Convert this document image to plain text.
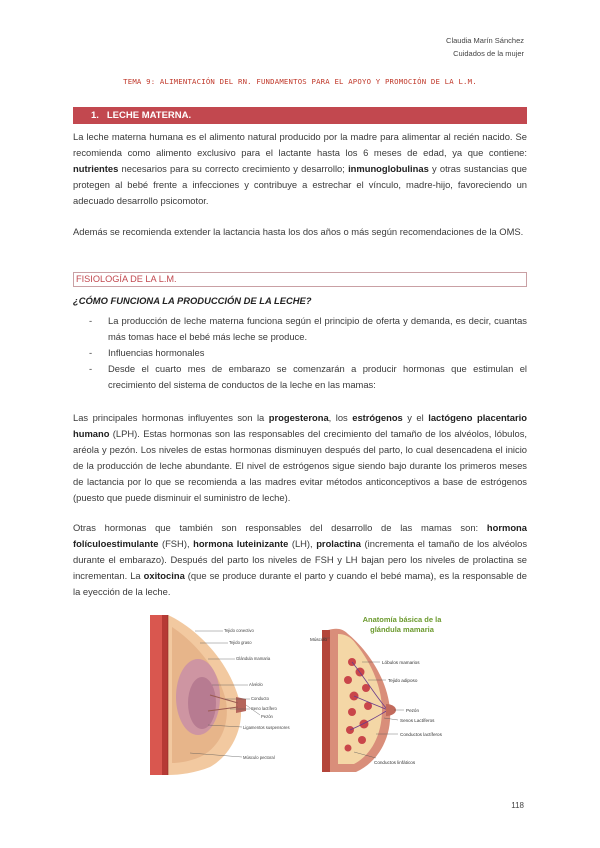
Claudia Marín Sánchez
Cuidados de la mujer
TEMA 9: ALIMENTACIÓN DEL RN. FUNDAMENTOS PARA EL APOYO Y PROMOCIÓN DE LA L.M.
1. LECHE MATERNA.

La leche materna humana es el alimento natural producido por la madre para alimentar al recién nacido. Se recomienda como alimento exclusivo para el lactante hasta los 6 meses de edad, ya que contiene: nutrientes necesarios para su correcto crecimiento y desarrollo; inmunoglobulinas y otras sustancias que protegen al bebé frente a infecciones y contribuye a estrechar el vínculo, madre-hijo, favoreciendo un adecuado desarrollo psicomotor.

Además se recomienda extender la lactancia hasta los dos años o más según recomendaciones de la OMS.

FISIOLOGÍA DE LA L.M.
¿CÓMO FUNCIONA LA PRODUCCIÓN DE LA LECHE?
- La producción de leche materna funciona según el principio de oferta y demanda, es decir, cuantas más tomas hace el bebé más leche se produce.
- Influencias hormonales
- Desde el cuarto mes de embarazo se comenzarán a producir hormonas que estimulan el crecimiento del sistema de conductos de la leche en las mamas:

Las principales hormonas influyentes son la progesterona, los estrógenos y el lactógeno placentario humano (LPH). Estas hormonas son las responsables del crecimiento del tamaño de los alvéolos, lóbulos, aréola y pezón. Los niveles de estas hormonas disminuyen después del parto, lo cual desencadena el inicio de la producción de leche abundante. El nivel de estrógenos sigue siendo bajo durante los primeros meses de lactancia por lo que se recomienda a las madres evitar métodos anticonceptivos a base de estrógenos (puesto que puede disminuir el suministro de leche).

Otras hormonas que también son responsables del desarrollo de las mamas son: hormona folículoestimulante (FSH), hormona luteinizante (LH), prolactina (incrementa el tamaño de los alvéolos durante el embarazo). Después del parto los niveles de FSH y LH bajan pero los niveles de prolactina se incrementan. La oxitocina (que se produce durante el parto y cuando el bebé mama), es la responsable de la eyección de la leche.

Tejido conectivo
Tejido graso
Glándula mamaria
Alvéolo
Conducto
Seno lactífero
Pezón
Ligamentos suspensores
Músculo pectoral
Anatomía básica de la
glándula mamaria
Músculo
Lóbulos mamarios
Tejido adiposo
Pezón
Senos Lactíferos
Conductos lactíferos
Conductos linfáticos
118
